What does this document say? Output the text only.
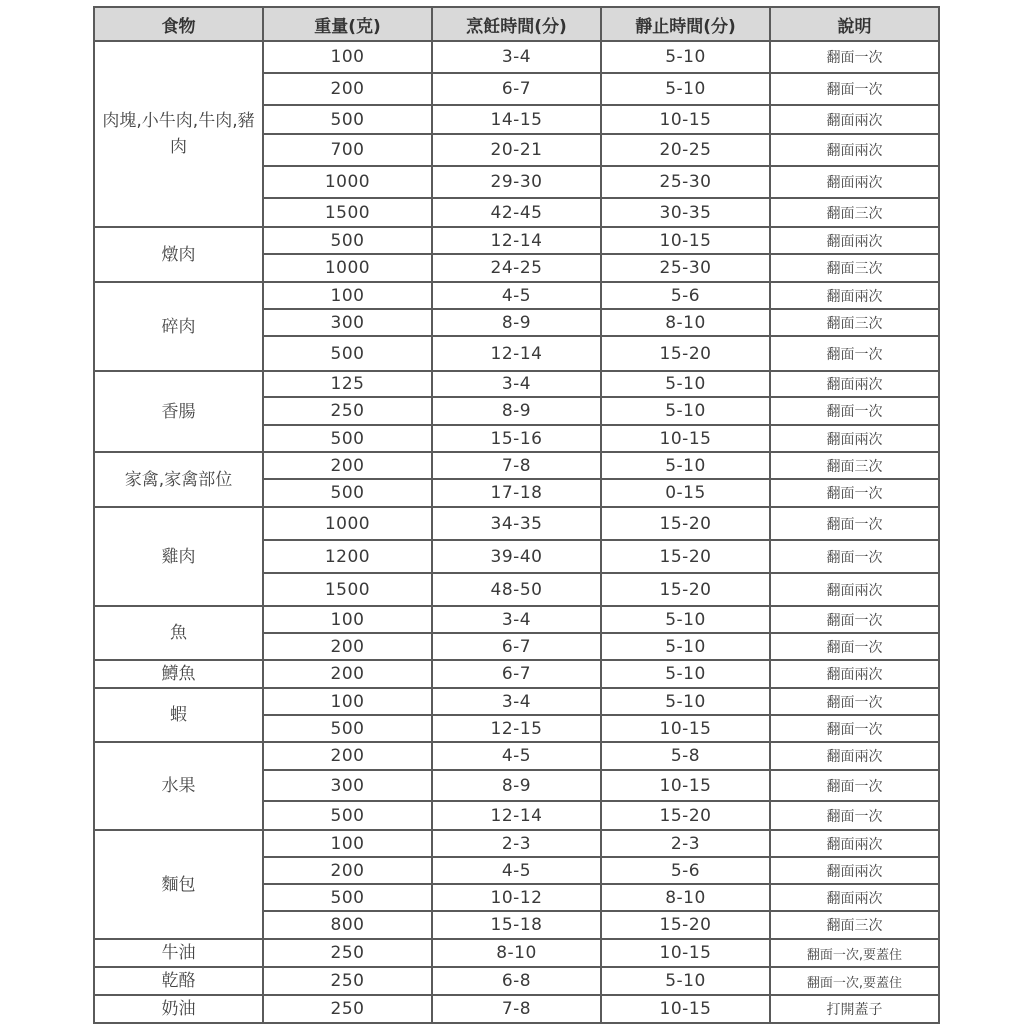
食物	重量(克)	烹飪時間(分)	靜止時間(分)	說明
肉塊,小牛肉,牛肉,豬肉	100	3-4	5-10	翻面一次
	200	6-7	5-10	翻面一次
	500	14-15	10-15	翻面兩次
	700	20-21	20-25	翻面兩次
	1000	29-30	25-30	翻面兩次
	1500	42-45	30-35	翻面三次
燉肉	500	12-14	10-15	翻面兩次
	1000	24-25	25-30	翻面三次
碎肉	100	4-5	5-6	翻面兩次
	300	8-9	8-10	翻面三次
	500	12-14	15-20	翻面一次
香腸	125	3-4	5-10	翻面兩次
	250	8-9	5-10	翻面一次
	500	15-16	10-15	翻面兩次
家禽,家禽部位	200	7-8	5-10	翻面三次
	500	17-18	0-15	翻面一次
雞肉	1000	34-35	15-20	翻面一次
	1200	39-40	15-20	翻面一次
	1500	48-50	15-20	翻面兩次
魚	100	3-4	5-10	翻面一次
	200	6-7	5-10	翻面一次
鱒魚	200	6-7	5-10	翻面兩次
蝦	100	3-4	5-10	翻面一次
	500	12-15	10-15	翻面一次
水果	200	4-5	5-8	翻面兩次
	300	8-9	10-15	翻面一次
	500	12-14	15-20	翻面一次
麵包	100	2-3	2-3	翻面兩次
	200	4-5	5-6	翻面兩次
	500	10-12	8-10	翻面兩次
	800	15-18	15-20	翻面三次
牛油	250	8-10	10-15	翻面一次,要蓋住
乾酪	250	6-8	5-10	翻面一次,要蓋住
奶油	250	7-8	10-15	打開蓋子
